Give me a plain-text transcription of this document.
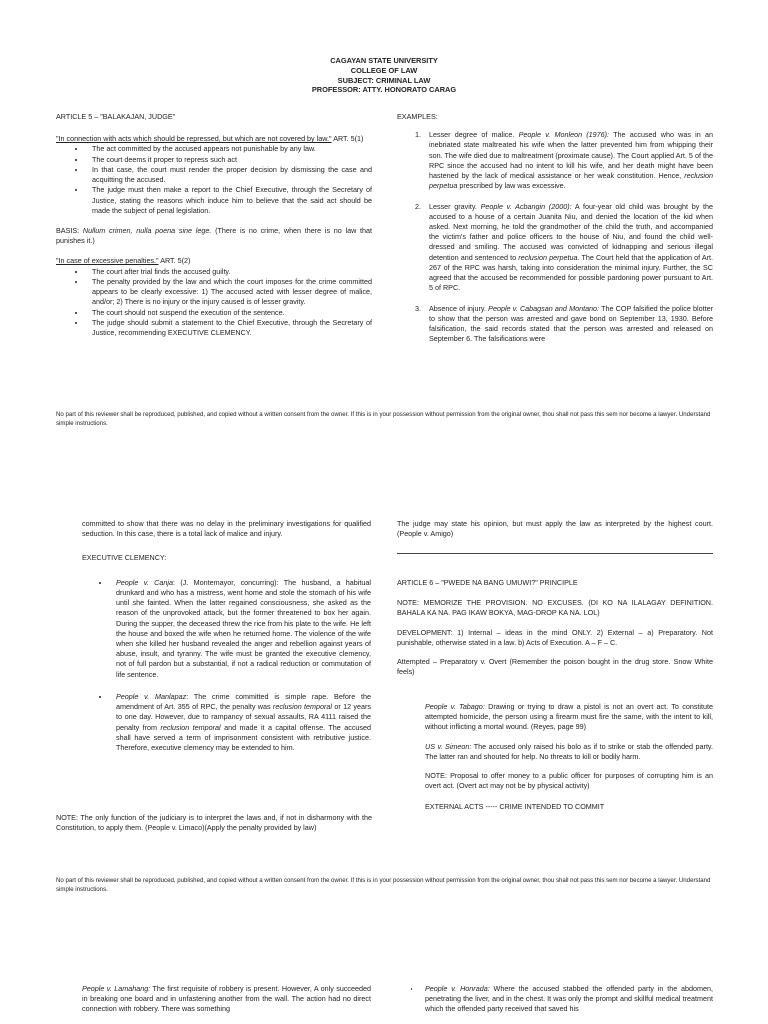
CAGAYAN STATE UNIVERSITY
COLLEGE OF LAW
SUBJECT: CRIMINAL LAW
PROFESSOR: ATTY. HONORATO CARAG

ARTICLE 5 – "BALAKAJAN, JUDGE"

"In connection with acts which should be repressed, but which are not covered by law." ART. 5(1)

• The act committed by the accused appears not punishable by any law.
• The court deems it proper to repress such act
• In that case, the court must render the proper decision by dismissing the case and acquitting the accused.
• The judge must then make a report to the Chief Executive, through the Secretary of Justice, stating the reasons which induce him to believe that the said act should be made the subject of penal legislation.

BASIS: Nullum crimen, nulla poena sine lege. (There is no crime, when there is no law that punishes it.)

"In case of excessive penalties." ART. 5(2)

• The court after trial finds the accused guilty.
• The penalty provided by the law and which the court imposes for the crime committed appears to be clearly excessive: 1) The accused acted with lesser degree of malice, and/or; 2) There is no injury or the injury caused is of lesser gravity.
• The court should not suspend the execution of the sentence.
• The judge should submit a statement to the Chief Executive, through the Secretary of Justice, recommending EXECUTIVE CLEMENCY.

EXAMPLES:

1. Lesser degree of malice. People v. Monleon (1976): The accused who was in an inebriated state maltreated his wife when the latter prevented him from whipping their son. The wife died due to maltreatment (proximate cause). The Court applied Art. 5 of the RPC since the accused had no intent to kill his wife, and her death might have been hastened by the lack of medical assistance or her weak constitution. Hence, reclusion perpetua prescribed by law was excessive.
2. Lesser gravity. People v. Acbangin (2000): A four-year old child was brought by the accused to a house of a certain Juanita Niu, and denied the location of the kid when asked. Next morning, he told the grandmother of the child the truth, and accompanied the victim's father and police officers to the house of Niu, and found the child well-dressed and smiling. The accused was convicted of kidnapping and serious illegal detention and sentenced to reclusion perpetua. The Court held that the application of Art. 267 of the RPC was harsh, taking into consideration the minimal injury. Further, the SC agreed that the accused be recommended for possible pardoning power pursuant to Art. 5 of RPC.
3. Absence of injury. People v. Cabagsan and Montano: The COP falsified the police blotter to show that the person was arrested and gave bond on September 13, 1930. Before falsification, the said records stated that the person was arrested and released on September 6. The falsifications were

No part of this reviewer shall be reproduced, published, and copied without a written consent from the owner. If this is in your possession without permission from the original owner, thou shall not pass this sem nor become a lawyer. Understand simple instructions.

committed to show that there was no delay in the preliminary investigations for qualified seduction. In this case, there is a total lack of malice and injury.

EXECUTIVE CLEMENCY:

• People v. Canja: (J. Montemayor, concurring): The husband, a habitual drunkard and who has a mistress, went home and stole the stomach of his wife until she fainted. When the latter regained consciousness, she asked as the reason of the unprovoked attack, but the former threatened to box her again. During the supper, the deceased threw the rice from his plate to the wife. He left the house and boxed the wife when he returned home. The violence of the wife when she killed her husband revealed the anger and rebellion against years of abuse, insult, and tyranny. The wife must be granted the executive clemency, not of full pardon but a substantial, if not a radical reduction or commutation of life sentence.
• People v. Manlapaz: The crime committed is simple rape. Before the amendment of Art. 355 of RPC, the penalty was reclusion temporal or 12 years to one day. However, due to rampancy of sexual assaults, RA 4111 raised the penalty from reclusion temporal and made it a capital offense. The accused shall have served a term of imprisonment consistent with retributive justice. Therefore, executive clemency may be extended to him.

NOTE: The only function of the judiciary is to interpret the laws and, if not in disharmony with the Constitution, to apply them. (People v. Limaco)(Apply the penalty provided by law)

The judge may state his opinion, but must apply the law as interpreted by the highest court. (People v. Amigo)

ARTICLE 6 – "PWEDE NA BANG UMUWI?" PRINCIPLE

NOTE: MEMORIZE THE PROVISION. NO EXCUSES. (DI KO NA ILALAGAY DEFINITION. BAHALA KA NA. PAG IKAW BOKYA, MAG-DROP KA NA. LOL)

DEVELOPMENT: 1) Internal – ideas in the mind ONLY. 2) External – a) Preparatory. Not punishable, otherwise stated in a law. b) Acts of Execution. A – F – C.

Attempted – Preparatory v. Overt (Remember the poison bought in the drug store. Snow White feels)

People v. Tabago: Drawing or trying to draw a pistol is not an overt act. To constitute attempted homicide, the person using a firearm must fire the same, with the intent to kill, without inflicting a mortal wound. (Reyes, page 99)

US v. Simeon: The accused only raised his bolo as if to strike or stab the offended party. The latter ran and shouted for help. No threats to kill or bodily harm.

NOTE: Proposal to offer money to a public officer for purposes of corrupting him is an overt act. (Overt act may not be by physical activity)

EXTERNAL ACTS ----- CRIME INTENDED TO COMMIT

No part of this reviewer shall be reproduced, published, and copied without a written consent from the owner. If this is in your possession without permission from the original owner, thou shall not pass this sem nor become a lawyer. Understand simple instructions.

People v. Lamahang: The first requisite of robbery is present. However, A only succeeded in breaking one board and in unfastening another from the wall. The action had no direct connection with robbery. There was something

• People v. Honrada: Where the accused stabbed the offended party in the abdomen, penetrating the liver, and in the chest. It was only the prompt and skillful medical treatment which the offended party received that saved his
